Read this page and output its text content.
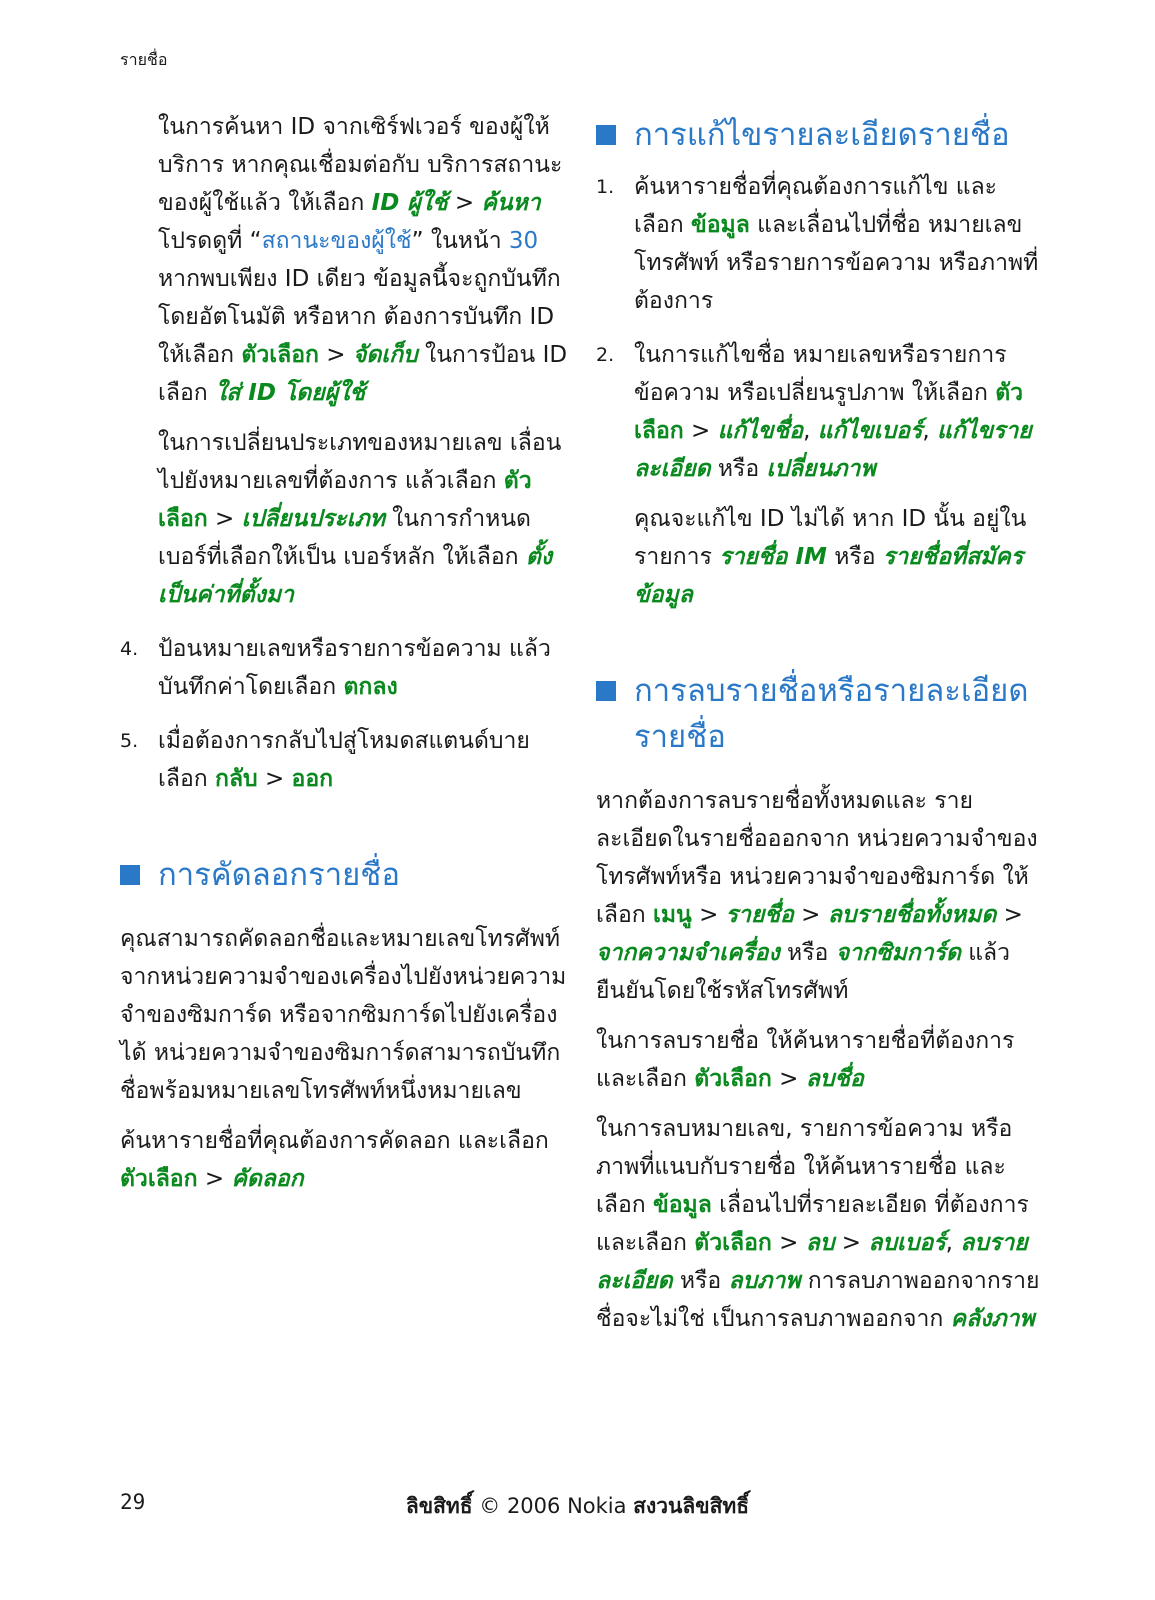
รายชื่อ

ในการค้นหา ID จากเซิร์ฟเวอร์ ของผู้ให้บริการ หากคุณเชื่อมต่อกับ บริการสถานะของผู้ใช้แล้ว ให้เลือก ID ผู้ใช้ > ค้นหา โปรดดูที่ “สถานะของผู้ใช้” ในหน้า 30 หากพบเพียง ID เดียว ข้อมูลนี้จะถูกบันทึกโดยอัตโนมัติ หรือหาก ต้องการบันทึก ID ให้เลือก ตัวเลือก > จัดเก็บ ในการป้อน ID เลือก ใส่ ID โดยผู้ใช้

ในการเปลี่ยนประเภทของหมายเลข เลื่อนไปยังหมายเลขที่ต้องการ แล้วเลือก ตัวเลือก > เปลี่ยนประเภท ในการกำหนดเบอร์ที่เลือกให้เป็น เบอร์หลัก ให้เลือก ตั้งเป็นค่าที่ตั้งมา

4. ป้อนหมายเลขหรือรายการข้อความ แล้วบันทึกค่าโดยเลือก ตกลง
5. เมื่อต้องการกลับไปสู่โหมดสแตนด์บาย เลือก กลับ > ออก
การคัดลอกรายชื่อ

คุณสามารถคัดลอกชื่อและหมายเลขโทรศัพท์จากหน่วยความจำของเครื่องไปยังหน่วยความจำของซิมการ์ด หรือจากซิมการ์ดไปยังเครื่องได้ หน่วยความจำของซิมการ์ดสามารถบันทึกชื่อพร้อมหมายเลขโทรศัพท์หนึ่งหมายเลข

ค้นหารายชื่อที่คุณต้องการคัดลอก และเลือก ตัวเลือก > คัดลอก

การแก้ไขรายละเอียดรายชื่อ
1. ค้นหารายชื่อที่คุณต้องการแก้ไข และเลือก ข้อมูล และเลื่อนไปที่ชื่อ หมายเลขโทรศัพท์ หรือรายการข้อความ หรือภาพที่ต้องการ
2. ในการแก้ไขชื่อ หมายเลขหรือรายการ ข้อความ หรือเปลี่ยนรูปภาพ ให้เลือก ตัวเลือก > แก้ไขชื่อ, แก้ไขเบอร์, แก้ไขรายละเอียด หรือ เปลี่ยนภาพ

คุณจะแก้ไข ID ไม่ได้ หาก ID นั้น อยู่ในรายการ รายชื่อ IM หรือ รายชื่อที่สมัครข้อมูล

การลบรายชื่อหรือรายละเอียดรายชื่อ

หากต้องการลบรายชื่อทั้งหมดและ รายละเอียดในรายชื่อออกจาก หน่วยความจำของโทรศัพท์หรือ หน่วยความจำของซิมการ์ด ให้เลือก เมนู > รายชื่อ > ลบรายชื่อทั้งหมด > จากความจำเครื่อง หรือ จากซิมการ์ด แล้วยืนยันโดยใช้รหัสโทรศัพท์

ในการลบรายชื่อ ให้ค้นหารายชื่อที่ต้องการ และเลือก ตัวเลือก > ลบชื่อ

ในการลบหมายเลข, รายการข้อความ หรือภาพที่แนบกับรายชื่อ ให้ค้นหารายชื่อ และเลือก ข้อมูล เลื่อนไปที่รายละเอียด ที่ต้องการ และเลือก ตัวเลือก > ลบ > ลบเบอร์, ลบรายละเอียด หรือ ลบภาพ การลบภาพออกจากรายชื่อจะไม่ใช่ เป็นการลบภาพออกจาก คลังภาพ

29	ลิขสิทธิ์ © 2006 Nokia สงวนลิขสิทธิ์
